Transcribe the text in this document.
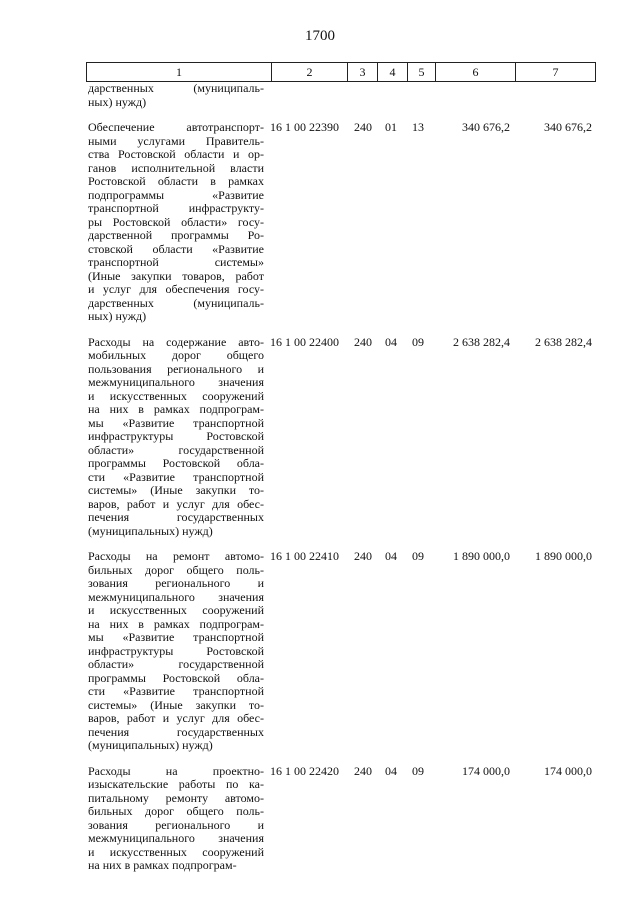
1700
1	2	3	4	5	6	7
дарственных (муниципаль-
ных) нужд)
Обеспечение автотранспорт-
ными услугами Правитель-
ства Ростовской области и ор-
ганов исполнительной власти
Ростовской области в рамках
подпрограммы «Развитие
транспортной инфраструкту-
ры Ростовской области» госу-
дарственной программы Ро-
стовской области «Развитие
транспортной системы»
(Иные закупки товаров, работ
и услуг для обеспечения госу-
дарственных (муниципаль-
ных) нужд)
16 1 00 22390	240	01	13	340 676,2	340 676,2
Расходы на содержание авто-
мобильных дорог общего
пользования регионального и
межмуниципального значения
и искусственных сооружений
на них в рамках подпрограм-
мы «Развитие транспортной
инфраструктуры Ростовской
области» государственной
программы Ростовской обла-
сти «Развитие транспортной
системы» (Иные закупки то-
варов, работ и услуг для обес-
печения государственных
(муниципальных) нужд)
16 1 00 22400	240	04	09	2 638 282,4	2 638 282,4
Расходы на ремонт автомо-
бильных дорог общего поль-
зования регионального и
межмуниципального значения
и искусственных сооружений
на них в рамках подпрограм-
мы «Развитие транспортной
инфраструктуры Ростовской
области» государственной
программы Ростовской обла-
сти «Развитие транспортной
системы» (Иные закупки то-
варов, работ и услуг для обес-
печения государственных
(муниципальных) нужд)
16 1 00 22410	240	04	09	1 890 000,0	1 890 000,0
Расходы на проектно-
изыскательские работы по ка-
питальному ремонту автомо-
бильных дорог общего поль-
зования регионального и
межмуниципального значения
и искусственных сооружений
на них в рамках подпрограм-
16 1 00 22420	240	04	09	174 000,0	174 000,0
